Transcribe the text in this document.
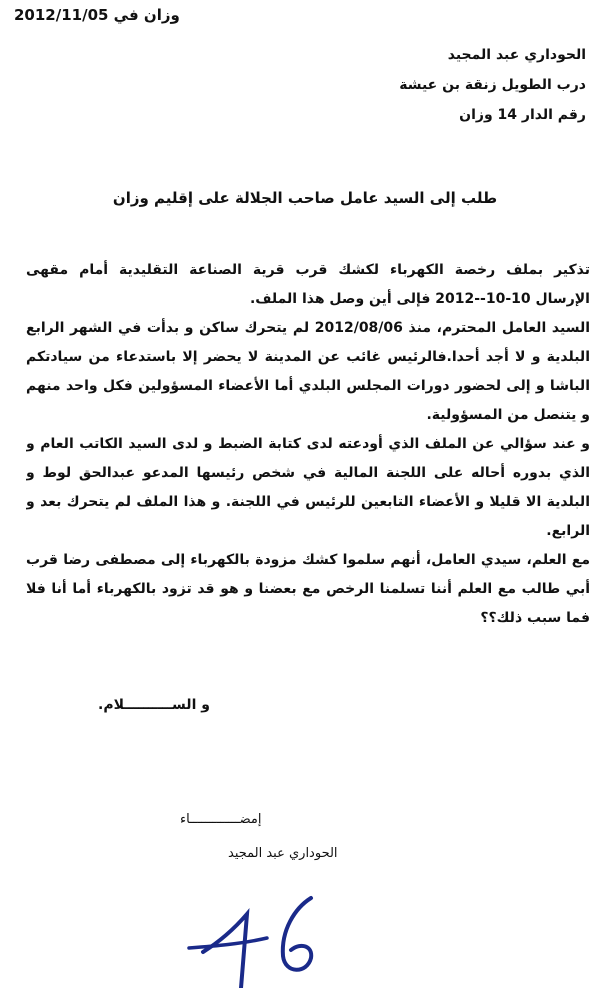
وزان في 2012/11/05
الحوداري عبد المجيد
درب الطويل زنقة بن عيشة
رقم الدار 14 وزان
طلب إلى السيد عامل صاحب الجلالة على إقليم وزان

تذكير بملف رخصة الكهرباء لكشك قرب قرية الصناعة التقليدية أمام مقهى
الإرسال 10-10--2012 فإلى أين وصل هذا الملف.

السيد العامل المحترم، منذ 2012/08/06 لم يتحرك ساكن و بدأت في الشهر الرابع
البلدية و لا أجد أحدا.فالرئيس غائب عن المدينة لا يحضر إلا باستدعاء من سيادتكم
الباشا و إلى لحضور دورات المجلس البلدي أما الأعضاء المسؤولين فكل واحد منهم
و يتنصل من المسؤولية.

و عند سؤالي عن الملف الذي أودعته لدى كتابة الضبط و لدى السيد الكاتب العام و
الذي بدوره أحاله على اللجنة المالية في شخص رئيسها المدعو عبدالحق لوط و
البلدية الا قليلا و الأعضاء التابعين للرئيس في اللجنة. و هذا الملف لم يتحرك بعد و
الرابع.

مع العلم، سيدي العامل، أنهم سلموا كشك مزودة بالكهرباء إلى مصطفى رضا قرب
أبي طالب مع العلم أننا تسلمنا الرخص مع بعضنا و هو قد تزود بالكهرباء أما أنا فلا
فما سبب ذلك؟؟

و الســــــــــلام.
إمضـــــــــــــاء
الحوداري عبد المجيد
